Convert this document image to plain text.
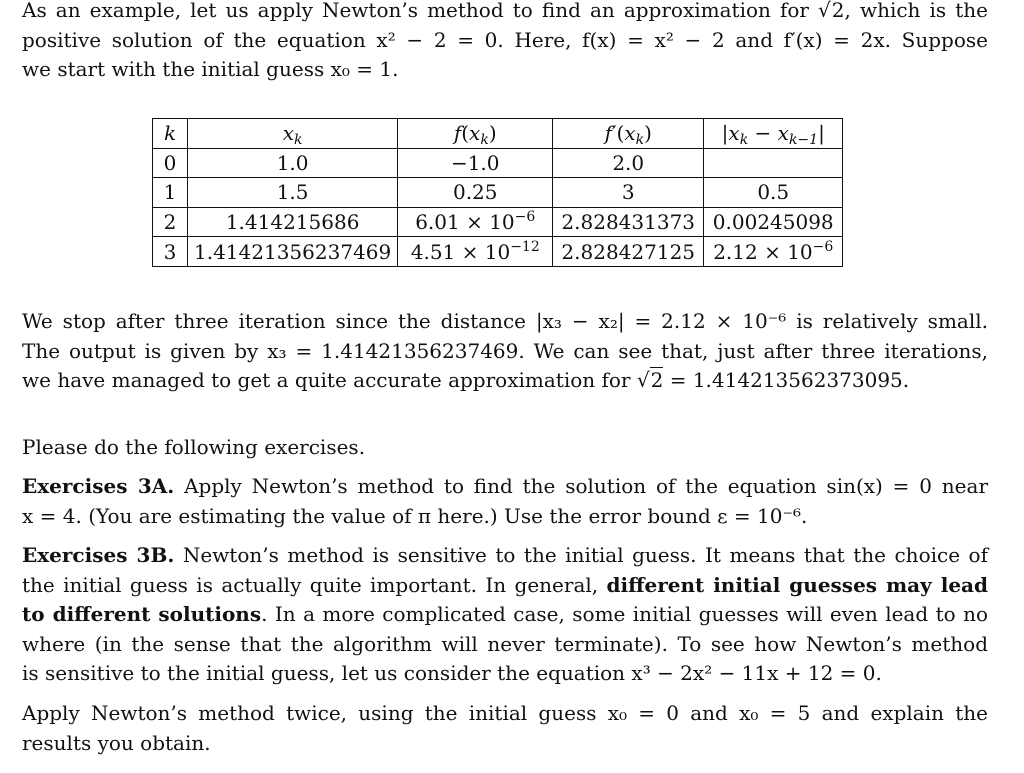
As an example, let us apply Newton’s method to find an approximation for √2, which is the
positive solution of the equation x² − 2 = 0. Here, f(x) = x² − 2 and f′(x) = 2x. Suppose
we start with the initial guess x₀ = 1.
k	$x_k$	$f(x_k)$	$f'(x_k)$	$|x_k - x_{k-1}|$
0	1.0	−1.0	2.0	
1	1.5	0.25	3	0.5
2	1.414215686	$6.01 \times 10^{-6}$	2.828431373	0.00245098
3	1.41421356237469	$4.51 \times 10^{-12}$	2.828427125	$2.12 \times 10^{-6}$
We stop after three iteration since the distance |x₃ − x₂| = 2.12 × 10⁻⁶ is relatively small.
The output is given by x₃ = 1.41421356237469. We can see that, just after three iterations,
we have managed to get a quite accurate approximation for √2 = 1.414213562373095.
Please do the following exercises.
Exercises 3A. Apply Newton’s method to find the solution of the equation sin(x) = 0 near
x = 4. (You are estimating the value of π here.) Use the error bound ε = 10⁻⁶.
Exercises 3B. Newton’s method is sensitive to the initial guess. It means that the choice of
the initial guess is actually quite important. In general, different initial guesses may lead
to different solutions. In a more complicated case, some initial guesses will even lead to no
where (in the sense that the algorithm will never terminate). To see how Newton’s method
is sensitive to the initial guess, let us consider the equation x³ − 2x² − 11x + 12 = 0.
Apply Newton’s method twice, using the initial guess x₀ = 0 and x₀ = 5 and explain the
results you obtain.
